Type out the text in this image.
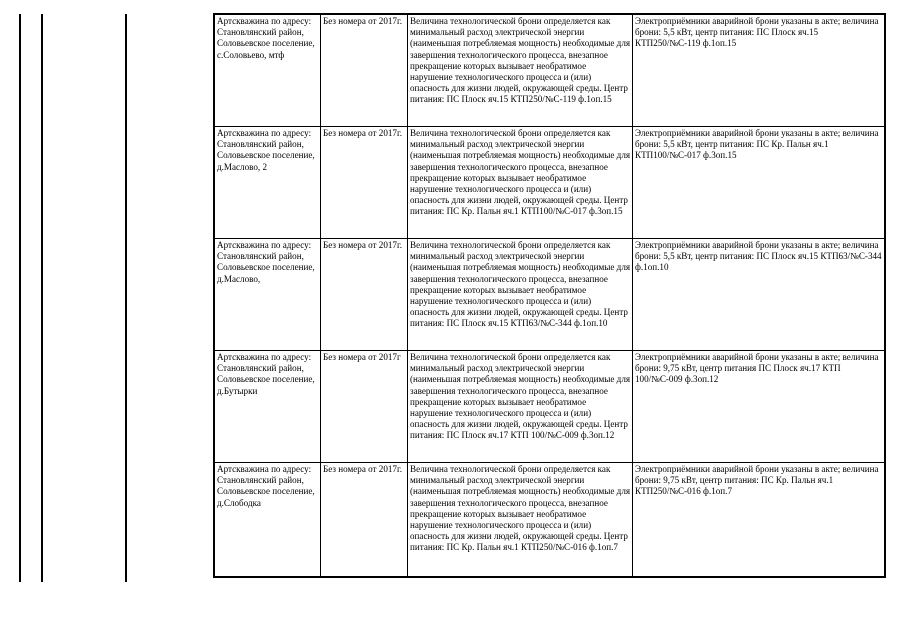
Артскважина по адресу: Становлянский район, Соловьевское поселение, с.Соловьево, мтф	Без номера от 2017г.	Величина технологической брони определяется как минимальный расход электрической энергии (наименьшая потребляемая мощность) необходимые для завершения технологического процесса, внезапное прекращение которых вызывает необратимое нарушение технологического процесса и (или) опасность для жизни людей, окружающей среды. Центр питания: ПС Плоск яч.15 КТП250/№С-119 ф.1оп.15	Электроприёмники аварийной брони указаны в акте; величина брони: 5,5 кВт, центр питания: ПС Плоск яч.15 КТП250/№С-119 ф.1оп.15
Артскважина по адресу: Становлянский район, Соловьевское поселение, д.Маслово, 2	Без номера от 2017г.	Величина технологической брони определяется как минимальный расход электрической энергии (наименьшая потребляемая мощность) необходимые для завершения технологического процесса, внезапное прекращение которых вызывает необратимое нарушение технологического процесса и (или) опасность для жизни людей, окружающей среды. Центр питания: ПС Кр. Пальн яч.1 КТП100/№С-017 ф.3оп.15	Электроприёмники аварийной брони указаны в акте; величина брони: 5,5 кВт, центр питания: ПС Кр. Пальн яч.1 КТП100/№С-017 ф.3оп.15
Артскважина по адресу: Становлянский район, Соловьевское поселение, д.Маслово,	Без номера от 2017г.	Величина технологической брони определяется как минимальный расход электрической энергии (наименьшая потребляемая мощность) необходимые для завершения технологического процесса, внезапное прекращение которых вызывает необратимое нарушение технологического процесса и (или) опасность для жизни людей, окружающей среды. Центр питания: ПС Плоск яч.15 КТП63/№С-344 ф.1оп.10	Электроприёмники аварийной брони указаны в акте; величина брони: 5,5 кВт, центр питания: ПС Плоск яч.15 КТП63/№С-344 ф.1оп.10
Артскважина по адресу: Становлянский район, Соловьевское поселение, д.Бутырки	Без номера от 2017г	Величина технологической брони определяется как минимальный расход электрической энергии (наименьшая потребляемая мощность) необходимые для завершения технологического процесса, внезапное прекращение которых вызывает необратимое нарушение технологического процесса и (или) опасность для жизни людей, окружающей среды. Центр питания: ПС Плоск яч.17 КТП 100/№С-009 ф.3оп.12	Электроприёмники аварийной брони указаны в акте; величина брони: 9,75 кВт, центр питания ПС Плоск яч.17 КТП 100/№С-009 ф.3оп.12
Артскважина по адресу: Становлянский район, Соловьевское поселение, д.Слободка	Без номера от 2017г.	Величина технологической брони определяется как минимальный расход электрической энергии (наименьшая потребляемая мощность) необходимые для завершения технологического процесса, внезапное прекращение которых вызывает необратимое нарушение технологического процесса и (или) опасность для жизни людей, окружающей среды. Центр питания: ПС Кр. Пальн яч.1 КТП250/№С-016 ф.1оп.7	Электроприёмники аварийной брони указаны в акте; величина брони: 9,75 кВт, центр питания: ПС Кр. Пальн яч.1 КТП250/№С-016 ф.1оп.7
